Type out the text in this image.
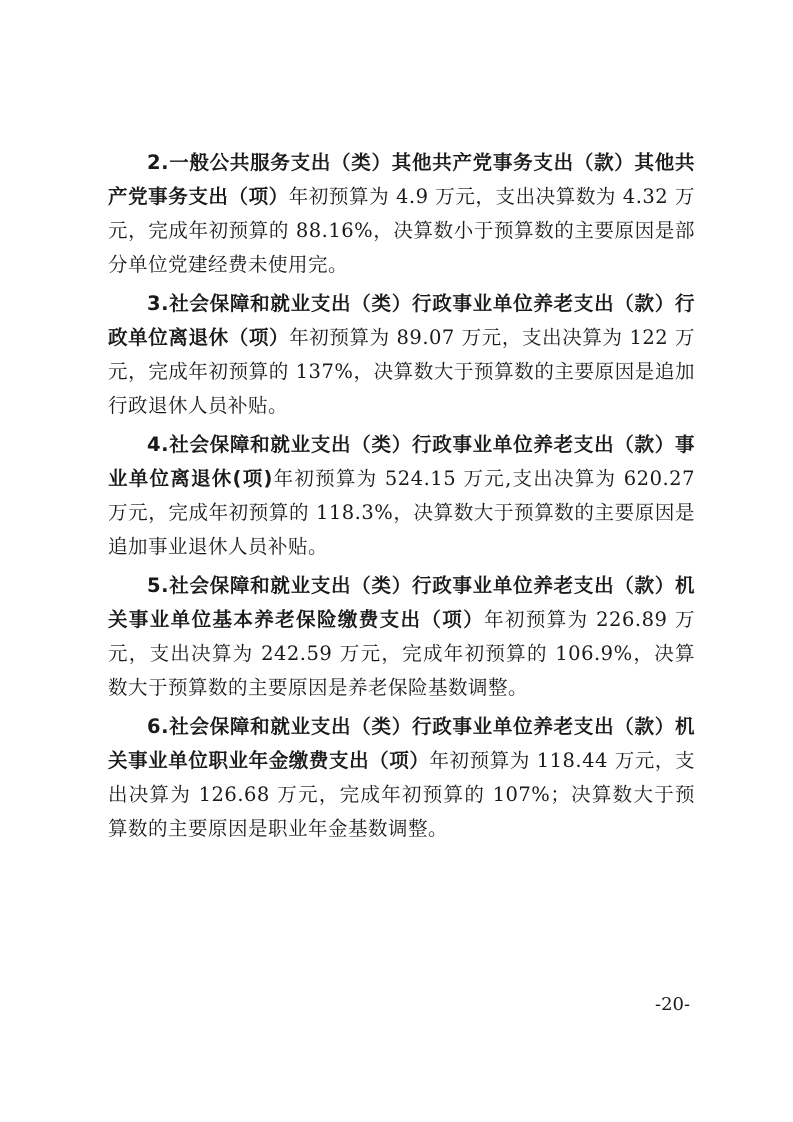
2.一般公共服务支出（类）其他共产党事务支出（款）其他共产党事务支出（项）年初预算为 4.9 万元，支出决算数为 4.32 万元，完成年初预算的 88.16%，决算数小于预算数的主要原因是部分单位党建经费未使用完。

3.社会保障和就业支出（类）行政事业单位养老支出（款）行政单位离退休（项）年初预算为 89.07 万元，支出决算为 122 万元，完成年初预算的 137%，决算数大于预算数的主要原因是追加行政退休人员补贴。

4.社会保障和就业支出（类）行政事业单位养老支出（款）事业单位离退休(项)年初预算为 524.15 万元,支出决算为 620.27 万元，完成年初预算的 118.3%，决算数大于预算数的主要原因是追加事业退休人员补贴。

5.社会保障和就业支出（类）行政事业单位养老支出（款）机关事业单位基本养老保险缴费支出（项）年初预算为 226.89 万元，支出决算为 242.59 万元，完成年初预算的 106.9%，决算数大于预算数的主要原因是养老保险基数调整。

6.社会保障和就业支出（类）行政事业单位养老支出（款）机关事业单位职业年金缴费支出（项）年初预算为 118.44 万元，支出决算为 126.68 万元，完成年初预算的 107%；决算数大于预算数的主要原因是职业年金基数调整。

-20-
